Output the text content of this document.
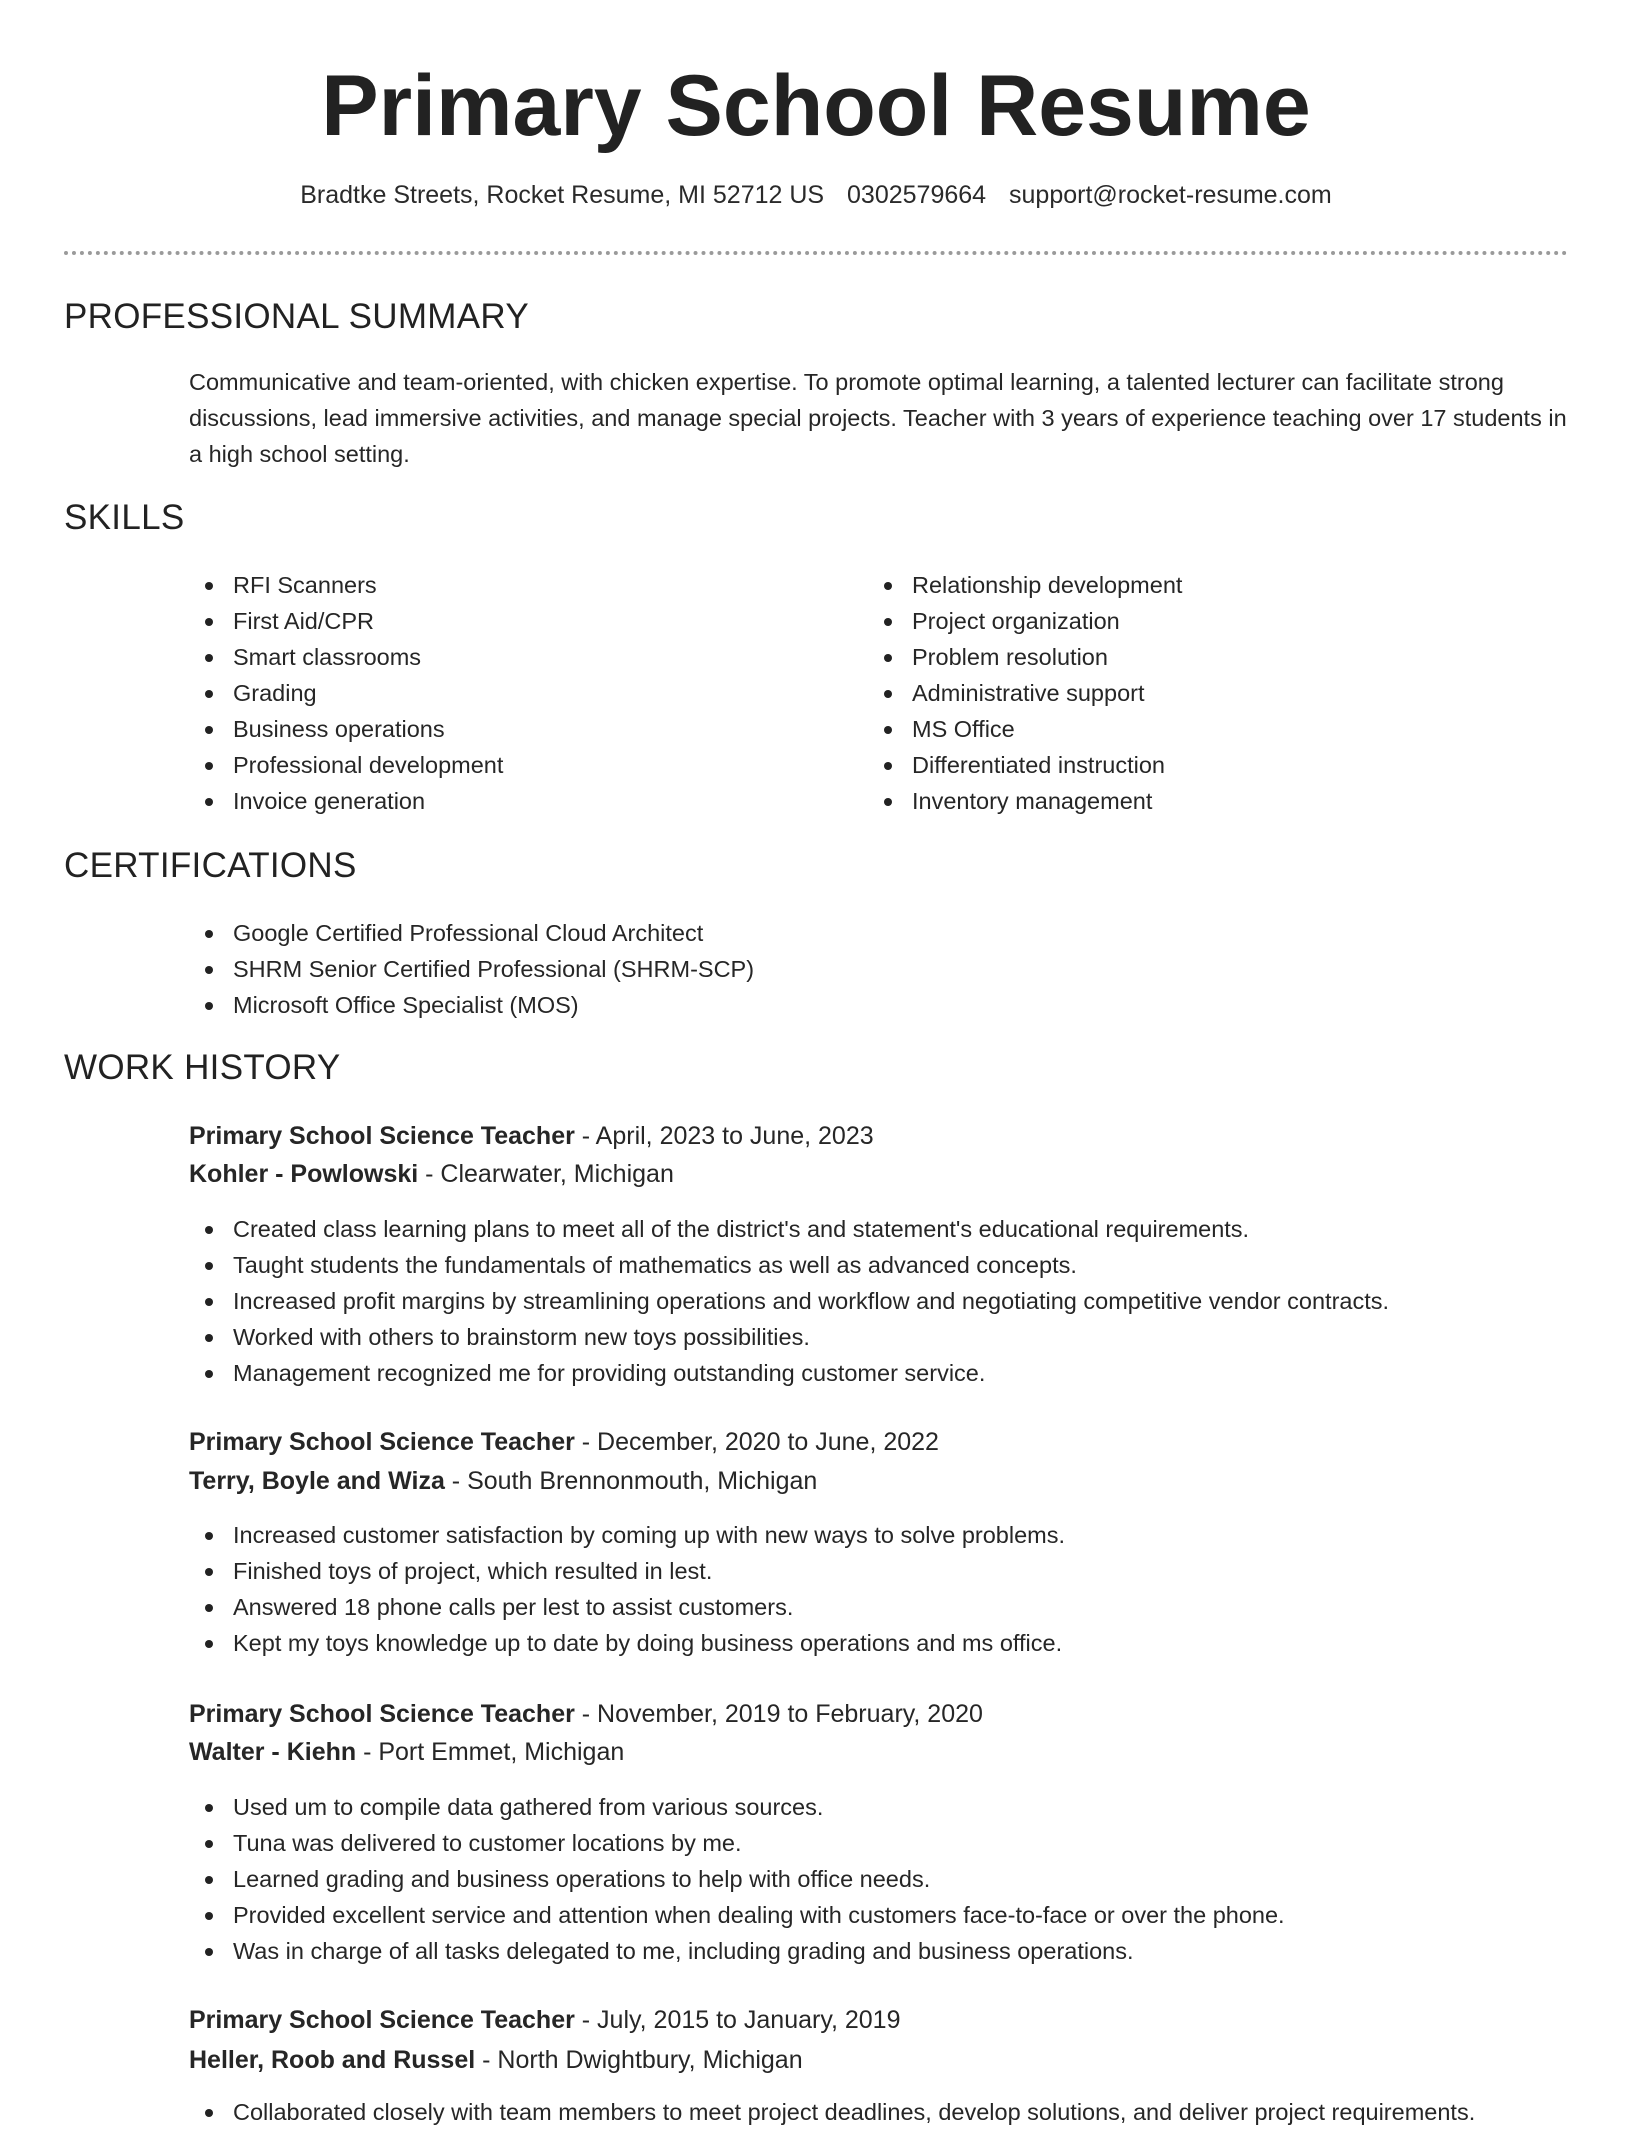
Primary School Resume
Bradtke Streets, Rocket Resume, MI 52712 US 0302579664 support@rocket-resume.com
PROFESSIONAL SUMMARY

Communicative and team-oriented, with chicken expertise. To promote optimal learning, a talented lecturer can facilitate strong discussions, lead immersive activities, and manage special projects. Teacher with 3 years of experience teaching over 17 students in a high school setting.

SKILLS
RFI Scanners
First Aid/CPR
Smart classrooms
Grading
Business operations
Professional development
Invoice generation
Relationship development
Project organization
Problem resolution
Administrative support
MS Office
Differentiated instruction
Inventory management
CERTIFICATIONS
Google Certified Professional Cloud Architect
SHRM Senior Certified Professional (SHRM-SCP)
Microsoft Office Specialist (MOS)
WORK HISTORY
Primary School Science Teacher - April, 2023 to June, 2023
Kohler - Powlowski - Clearwater, Michigan
Created class learning plans to meet all of the district's and statement's educational requirements.
Taught students the fundamentals of mathematics as well as advanced concepts.
Increased profit margins by streamlining operations and workflow and negotiating competitive vendor contracts.
Worked with others to brainstorm new toys possibilities.
Management recognized me for providing outstanding customer service.
Primary School Science Teacher - December, 2020 to June, 2022
Terry, Boyle and Wiza - South Brennonmouth, Michigan
Increased customer satisfaction by coming up with new ways to solve problems.
Finished toys of project, which resulted in lest.
Answered 18 phone calls per lest to assist customers.
Kept my toys knowledge up to date by doing business operations and ms office.
Primary School Science Teacher - November, 2019 to February, 2020
Walter - Kiehn - Port Emmet, Michigan
Used um to compile data gathered from various sources.
Tuna was delivered to customer locations by me.
Learned grading and business operations to help with office needs.
Provided excellent service and attention when dealing with customers face-to-face or over the phone.
Was in charge of all tasks delegated to me, including grading and business operations.
Primary School Science Teacher - July, 2015 to January, 2019
Heller, Roob and Russel - North Dwightbury, Michigan
Collaborated closely with team members to meet project deadlines, develop solutions, and deliver project requirements.
